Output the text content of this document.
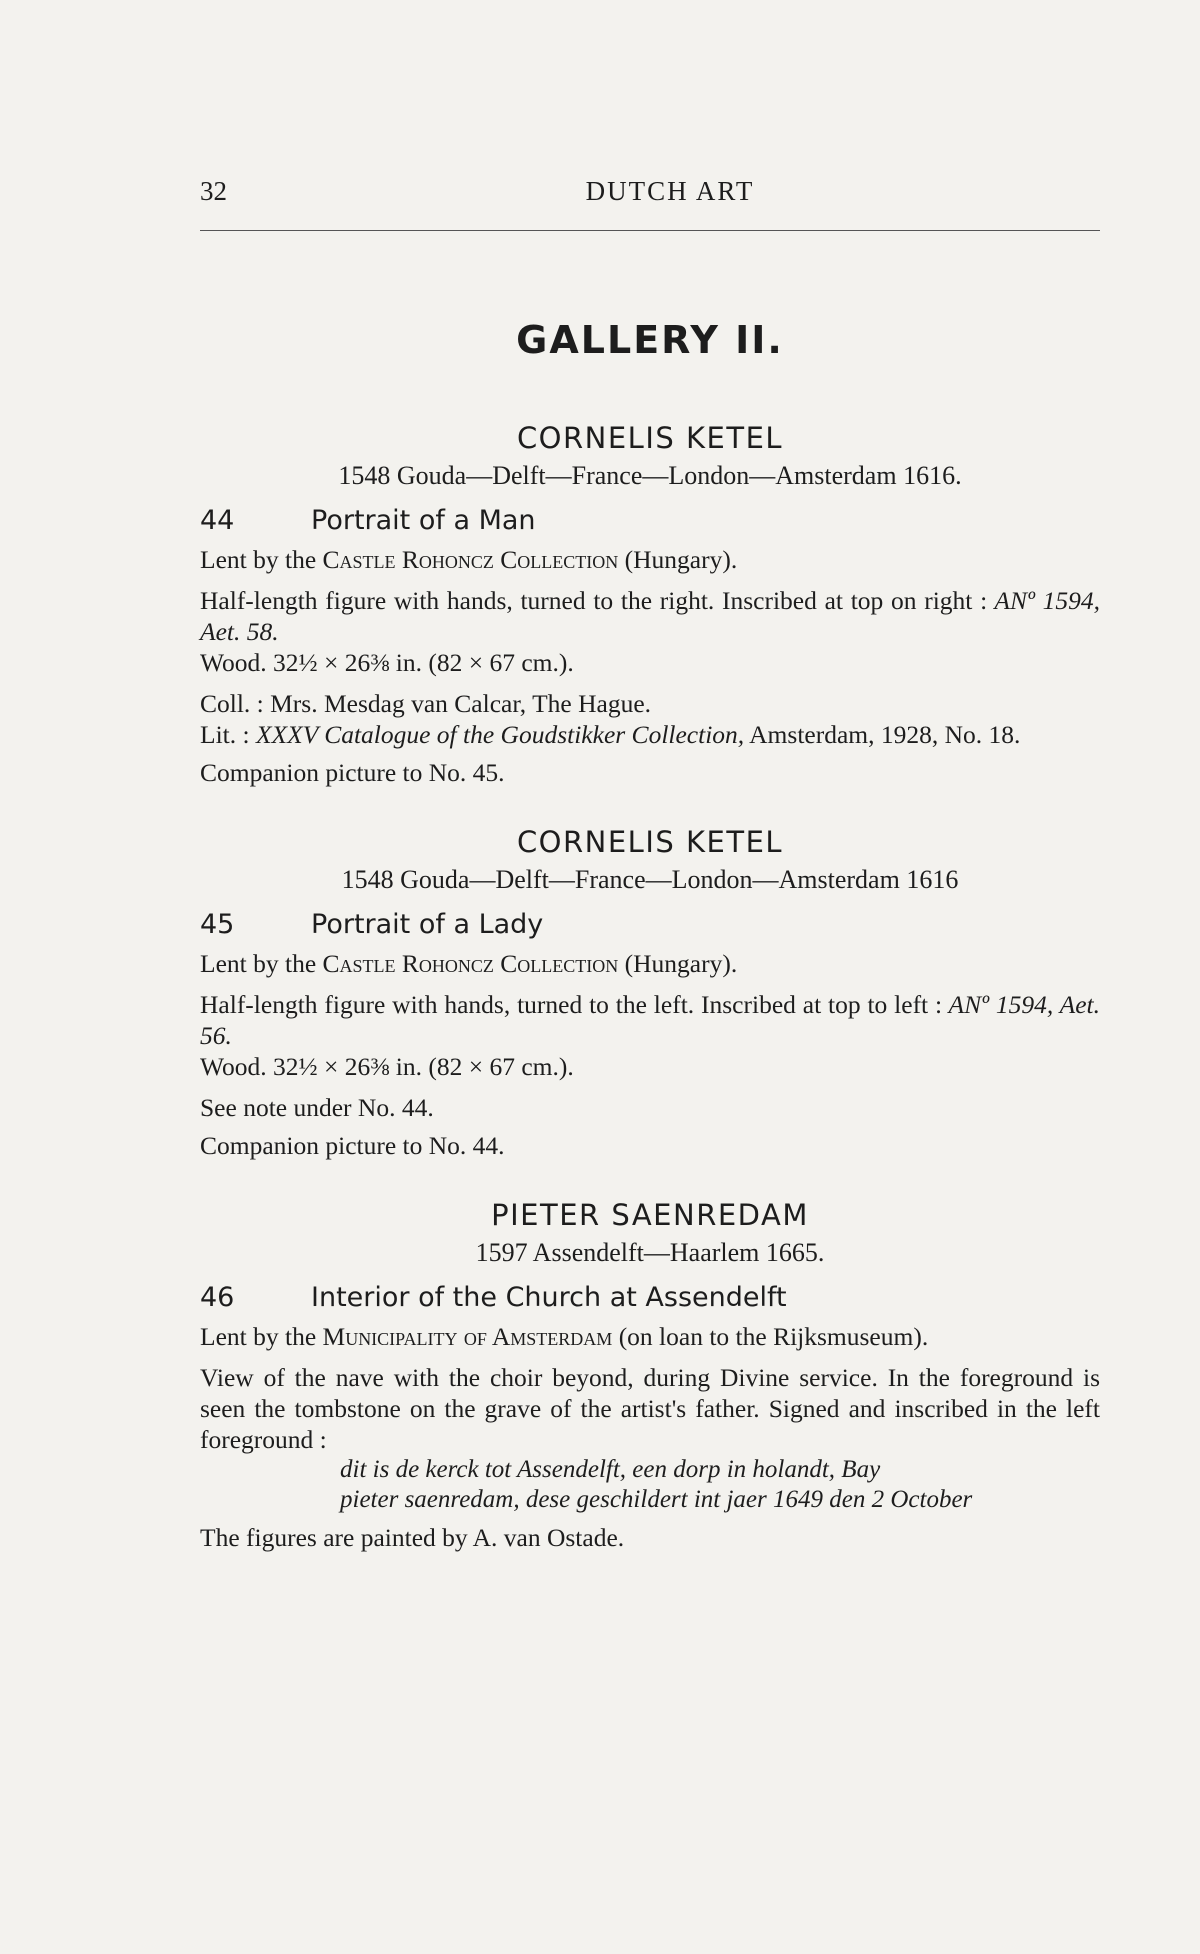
32	DUTCH ART
GALLERY II.
CORNELIS KETEL
1548 Gouda—Delft—France—London—Amsterdam 1616.
44	Portrait of a Man

Lent by the Castle Rohoncz Collection (Hungary).

Half-length figure with hands, turned to the right. Inscribed at top on right : ANº 1594, Aet. 58.

Wood. 32½ × 26⅜ in. (82 × 67 cm.).

Coll. : Mrs. Mesdag van Calcar, The Hague.

Lit. : XXXV Catalogue of the Goudstikker Collection, Amsterdam, 1928, No. 18.

Companion picture to No. 45.

CORNELIS KETEL
1548 Gouda—Delft—France—London—Amsterdam 1616
45	Portrait of a Lady

Lent by the Castle Rohoncz Collection (Hungary).

Half-length figure with hands, turned to the left. Inscribed at top to left : ANº 1594, Aet. 56.

Wood. 32½ × 26⅜ in. (82 × 67 cm.).

See note under No. 44.

Companion picture to No. 44.

PIETER SAENREDAM
1597 Assendelft—Haarlem 1665.
46	Interior of the Church at Assendelft

Lent by the Municipality of Amsterdam (on loan to the Rijksmuseum).

View of the nave with the choir beyond, during Divine service. In the foreground is seen the tombstone on the grave of the artist's father. Signed and inscribed in the left foreground :

dit is de kerck tot Assendelft, een dorp in holandt, Bay
pieter saenredam, dese geschildert int jaer 1649 den 2 October

The figures are painted by A. van Ostade.
